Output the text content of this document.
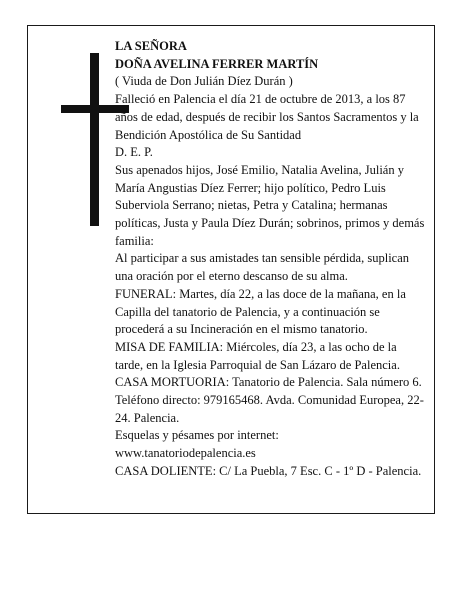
LA SEÑORA

DOÑA AVELINA FERRER MARTÍN

( Viuda de Don Julián Díez Durán )

Falleció en Palencia el día 21 de octubre de 2013, a los 87 años de edad, después de recibir los Santos Sacramentos y la Bendición Apostólica de Su Santidad

D. E. P.

Sus apenados hijos, José Emilio, Natalia Avelina, Julián y María Angustias Díez Ferrer; hijo político, Pedro Luis Suberviola Serrano; nietas, Petra y Catalina; hermanas políticas, Justa y Paula Díez Durán; sobrinos, primos y demás familia:

Al participar a sus amistades tan sensible pérdida, suplican una oración por el eterno descanso de su alma.

FUNERAL: Martes, día 22, a las doce de la mañana, en la Capilla del tanatorio de Palencia, y a continuación se procederá a su Incineración en el mismo tanatorio.

MISA DE FAMILIA: Miércoles, día 23, a las ocho de la tarde, en la Iglesia Parroquial de San Lázaro de Palencia.

CASA MORTUORIA: Tanatorio de Palencia. Sala número 6. Teléfono directo: 979165468. Avda. Comunidad Europea, 22-24. Palencia.

Esquelas y pésames por internet:

www.tanatoriodepalencia.es

CASA DOLIENTE: C/ La Puebla, 7 Esc. C - 1º D - Palencia.
